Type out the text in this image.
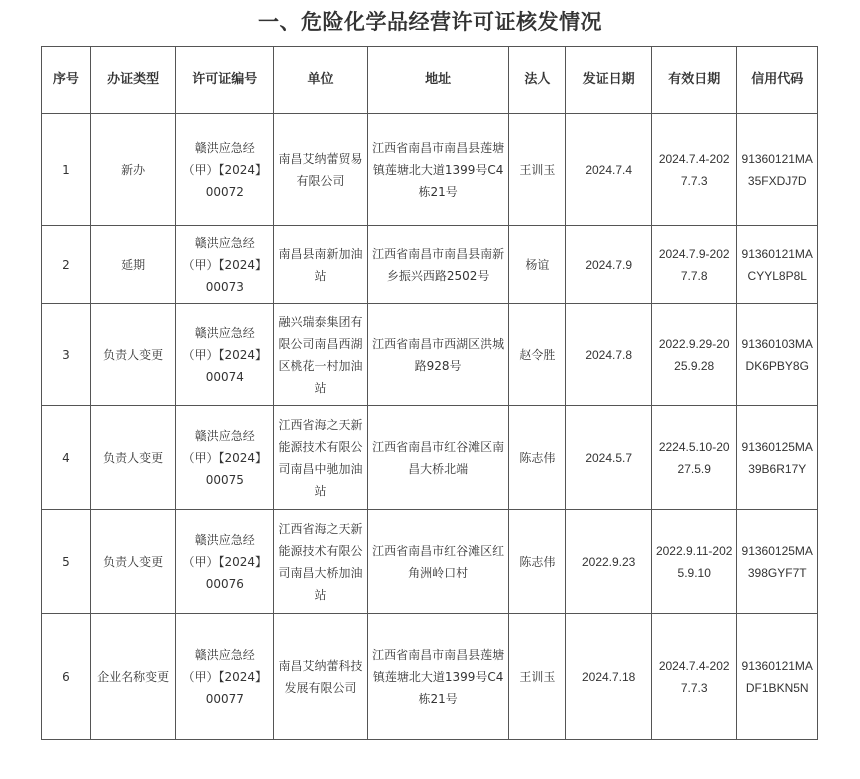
一、危险化学品经营许可证核发情况
序号	办证类型	许可证编号	单位	地址	法人	发证日期	有效日期	信用代码
1	新办	赣洪应急经（甲）【2024】00072	南昌艾纳蕾贸易有限公司	江西省南昌市南昌县莲塘镇莲塘北大道1399号C4栋21号	王训玉	2024.7.4	2024.7.4-2027.7.3	91360121MA35FXDJ7D
2	延期	赣洪应急经（甲）【2024】00073	南昌县南新加油站	江西省南昌市南昌县南新乡振兴西路2502号	杨谊	2024.7.9	2024.7.9-2027.7.8	91360121MACYYL8P8L
3	负责人变更	赣洪应急经（甲）【2024】00074	融兴瑞泰集团有限公司南昌西湖区桃花一村加油站	江西省南昌市西湖区洪城路928号	赵令胜	2024.7.8	2022.9.29-2025.9.28	91360103MADK6PBY8G
4	负责人变更	赣洪应急经（甲）【2024】00075	江西省海之天新能源技术有限公司南昌中驰加油站	江西省南昌市红谷滩区南昌大桥北端	陈志伟	2024.5.7	2224.5.10-2027.5.9	91360125MA39B6R17Y
5	负责人变更	赣洪应急经（甲）【2024】00076	江西省海之天新能源技术有限公司南昌大桥加油站	江西省南昌市红谷滩区红角洲岭口村	陈志伟	2022.9.23	2022.9.11-2025.9.10	91360125MA398GYF7T
6	企业名称变更	赣洪应急经（甲）【2024】00077	南昌艾纳蕾科技发展有限公司	江西省南昌市南昌县莲塘镇莲塘北大道1399号C4栋21号	王训玉	2024.7.18	2024.7.4-2027.7.3	91360121MADF1BKN5N
